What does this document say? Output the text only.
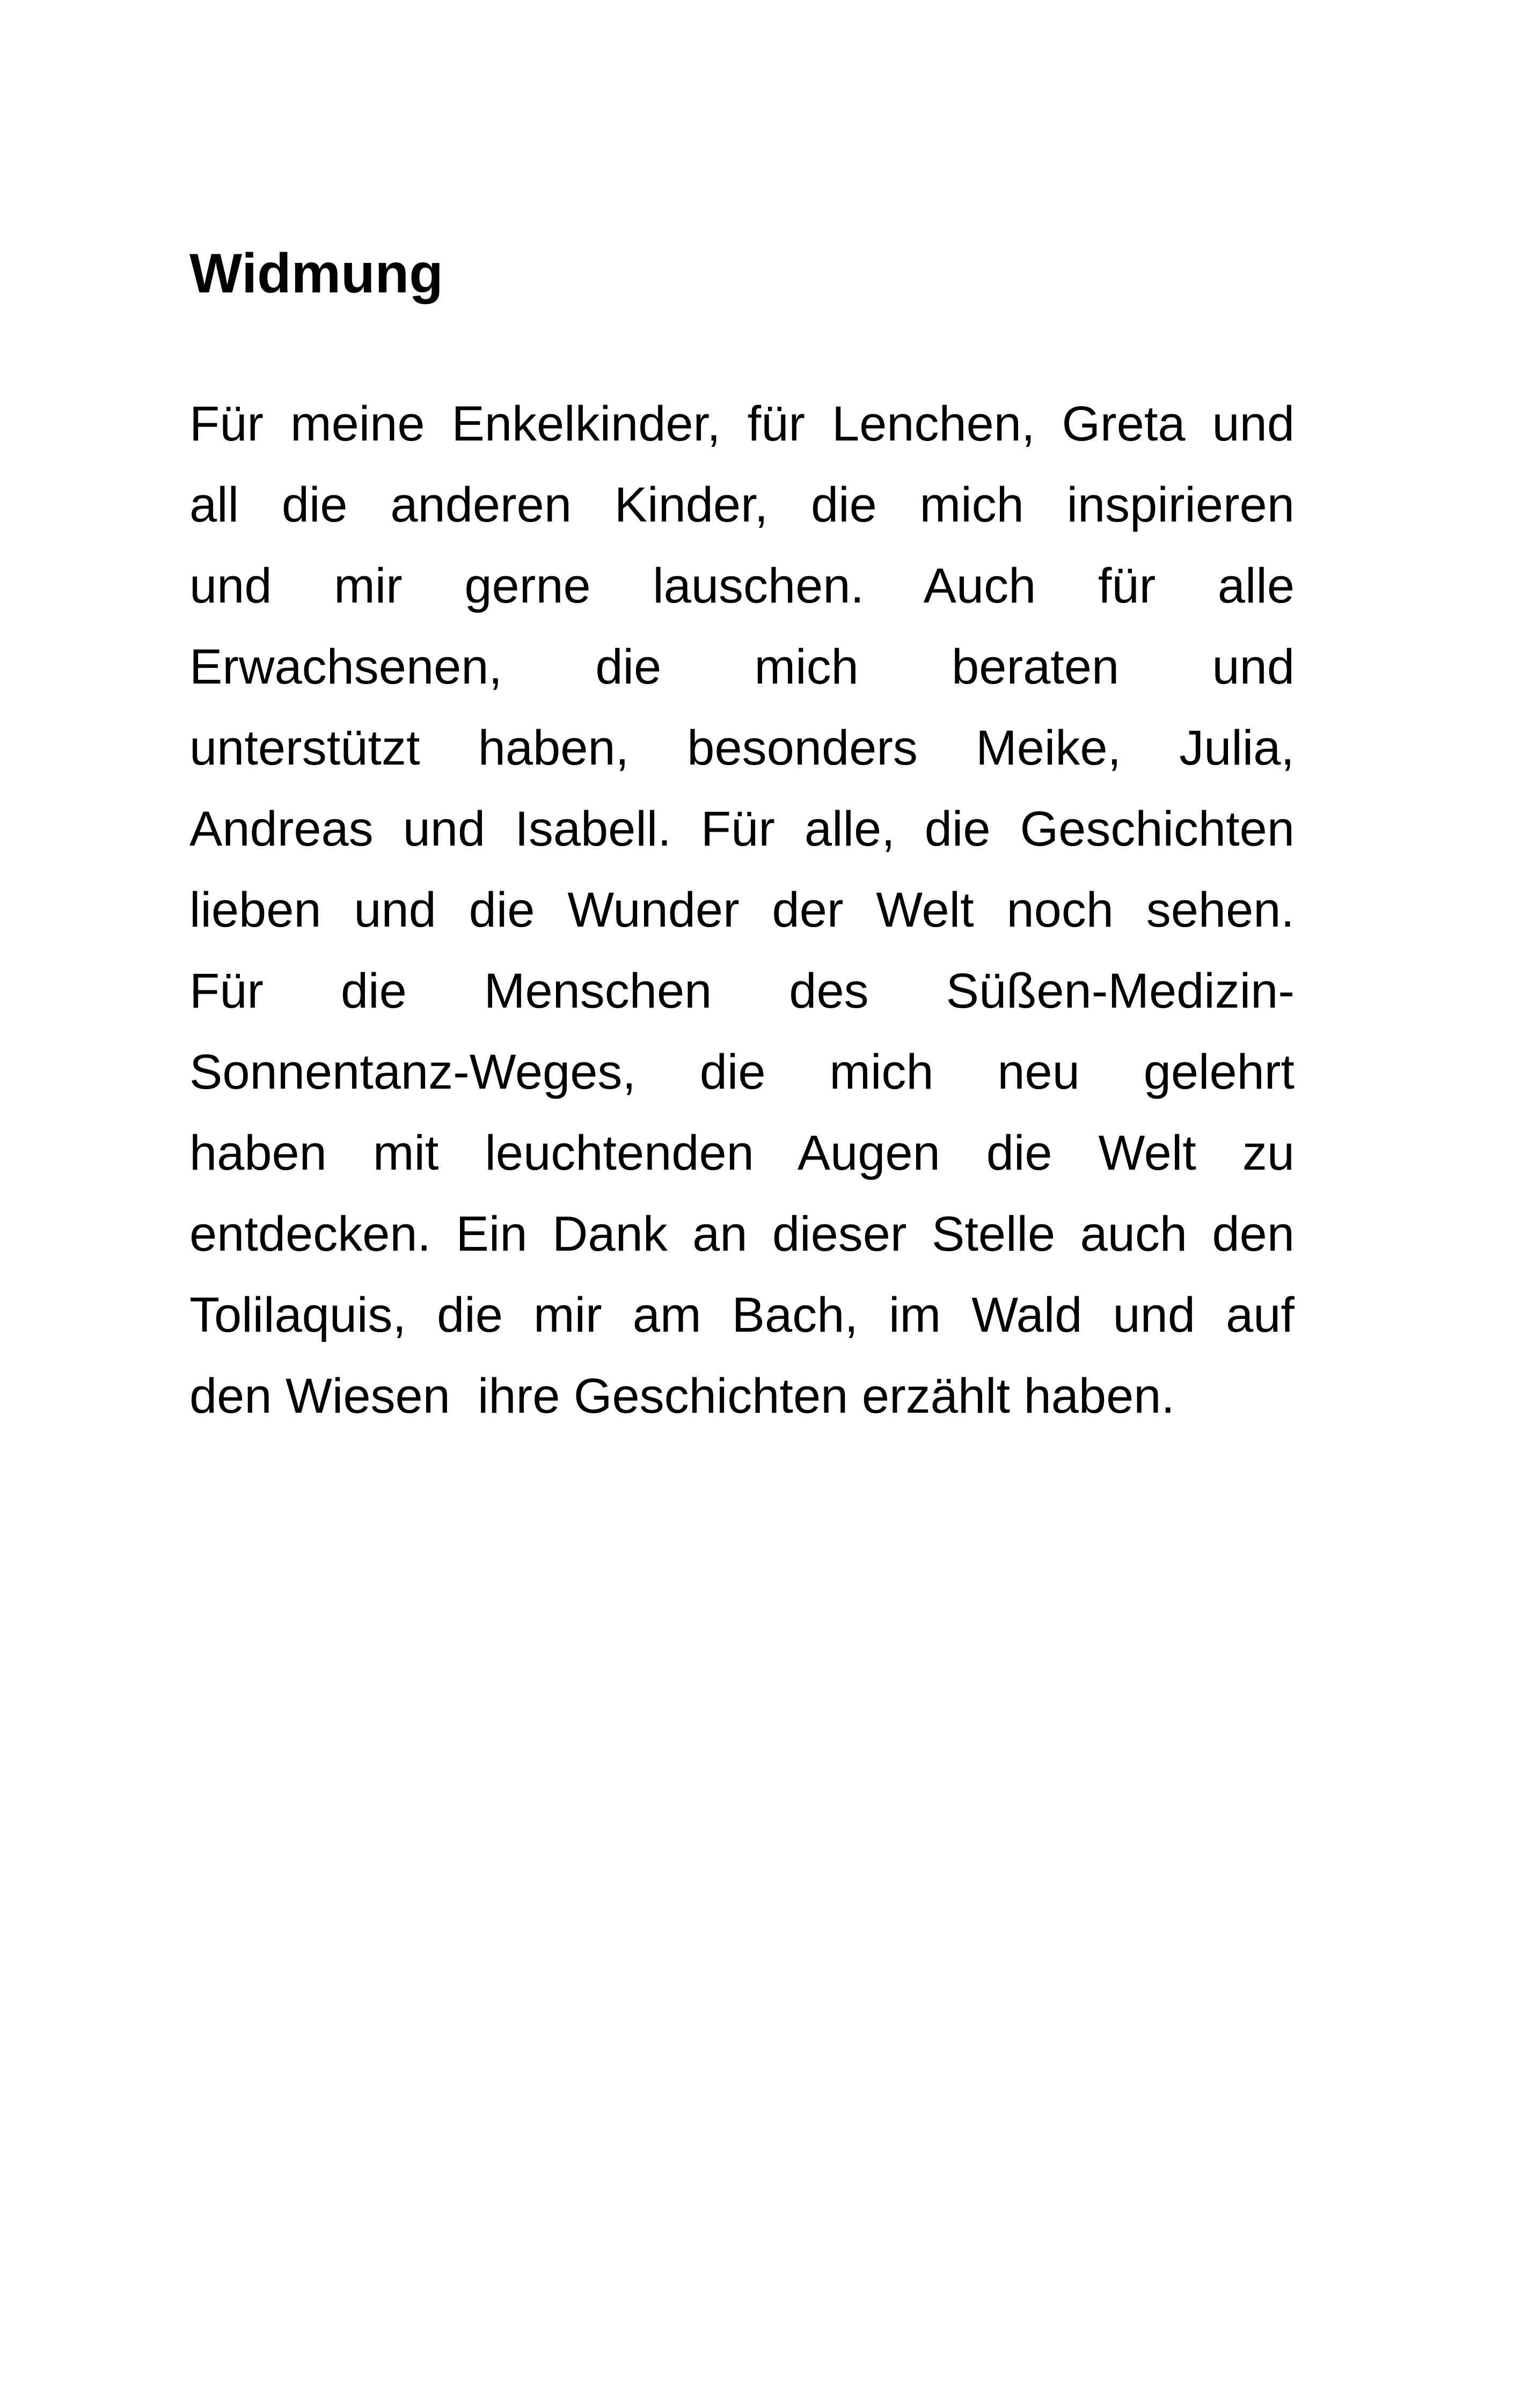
Widmung
Für meine Enkelkinder, für Lenchen, Greta und
all die anderen Kinder, die mich inspirieren
und mir gerne lauschen. Auch für alle
Erwachsenen, die mich beraten und
unterstützt haben, besonders Meike, Julia,
Andreas und Isabell. Für alle, die Geschichten
lieben und die Wunder der Welt noch sehen.
Für die Menschen des Süßen-Medizin-
Sonnentanz-Weges, die mich neu gelehrt
haben mit leuchtenden Augen die Welt zu
entdecken. Ein Dank an dieser Stelle auch den
Tolilaquis, die mir am Bach, im Wald und auf
den Wiesen  ihre Geschichten erzählt haben.
